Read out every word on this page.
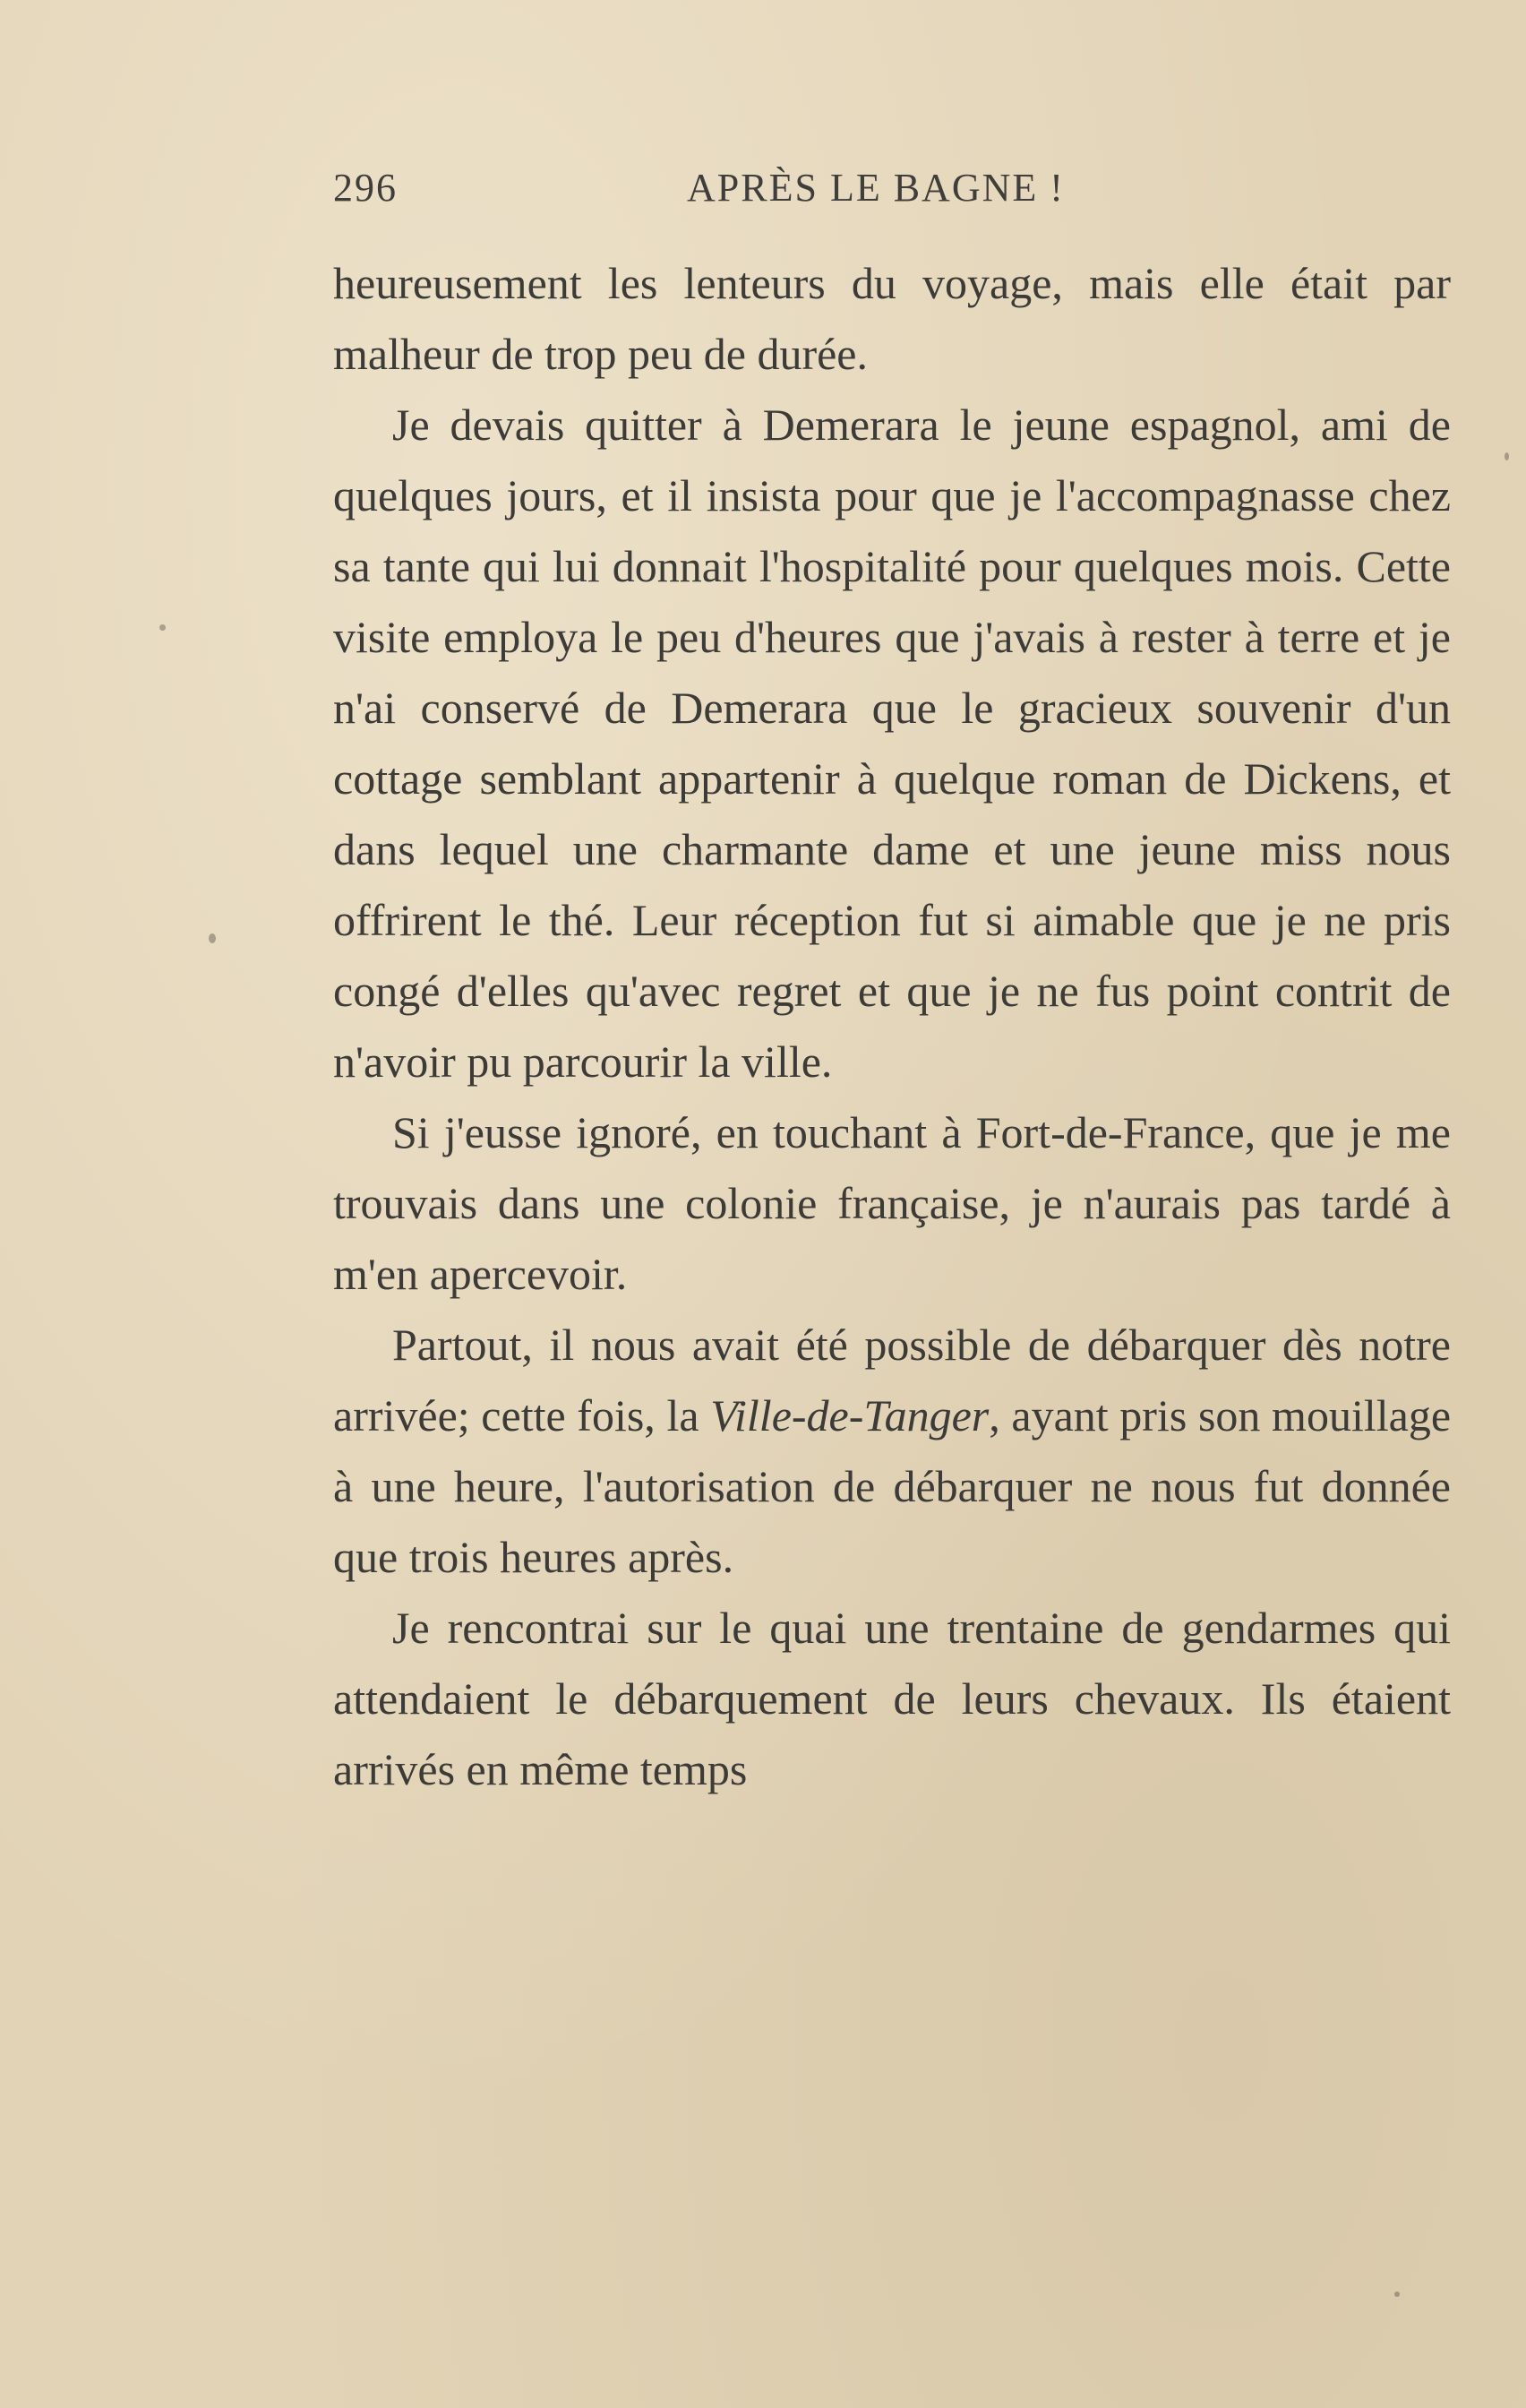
296	APRÈS LE BAGNE !

heureusement les lenteurs du voyage, mais elle était par malheur de trop peu de durée.

Je devais quitter à Demerara le jeune espagnol, ami de quelques jours, et il insista pour que je l'accompagnasse chez sa tante qui lui donnait l'hospitalité pour quelques mois. Cette visite employa le peu d'heures que j'avais à rester à terre et je n'ai conservé de Demerara que le gracieux souvenir d'un cottage semblant appartenir à quelque roman de Dickens, et dans lequel une charmante dame et une jeune miss nous offrirent le thé. Leur réception fut si aimable que je ne pris congé d'elles qu'avec regret et que je ne fus point contrit de n'avoir pu parcourir la ville.

Si j'eusse ignoré, en touchant à Fort-de-France, que je me trouvais dans une colonie française, je n'aurais pas tardé à m'en apercevoir.

Partout, il nous avait été possible de débarquer dès notre arrivée; cette fois, la Ville-de-Tanger, ayant pris son mouillage à une heure, l'autorisation de débarquer ne nous fut donnée que trois heures après.

Je rencontrai sur le quai une trentaine de gendarmes qui attendaient le débarquement de leurs chevaux. Ils étaient arrivés en même temps
